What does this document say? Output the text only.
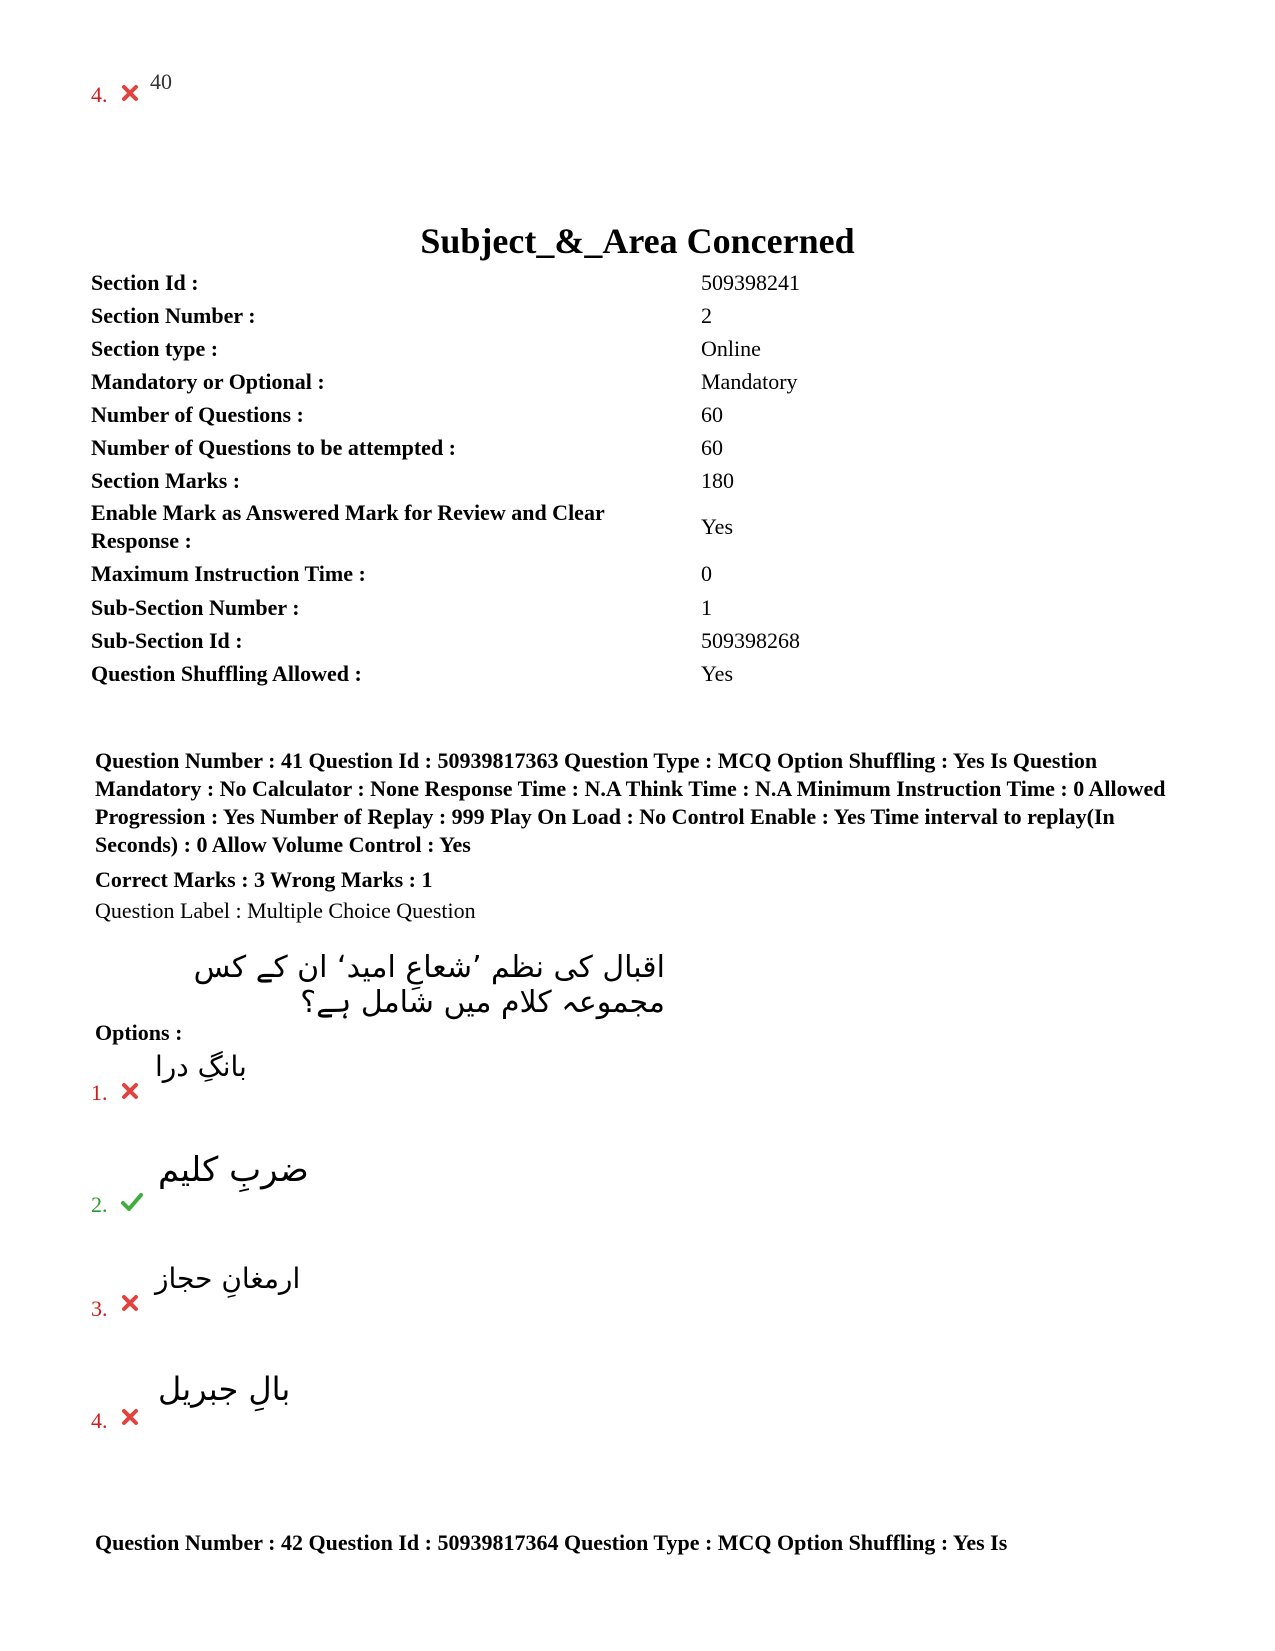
4.
40
Subject_&_Area Concerned
Section Id :	509398241
Section Number :	2
Section type :	Online
Mandatory or Optional :	Mandatory
Number of Questions :	60
Number of Questions to be attempted :	60
Section Marks :	180
Enable Mark as Answered Mark for Review and Clear Response :	Yes
Maximum Instruction Time :	0
Sub-Section Number :	1
Sub-Section Id :	509398268
Question Shuffling Allowed :	Yes
Question Number : 41 Question Id : 50939817363 Question Type : MCQ Option Shuffling : Yes Is Question Mandatory : No Calculator : None Response Time : N.A Think Time : N.A Minimum Instruction Time : 0 Allowed Progression : Yes Number of Replay : 999 Play On Load : No Control Enable : Yes Time interval to replay(In Seconds) : 0 Allow Volume Control : Yes
Correct Marks : 3 Wrong Marks : 1
Question Label : Multiple Choice Question
اقبال کی نظم ’شعاعِ امید‘ ان کے کس مجموعہ کلام میں شامل ہے؟
Options :
1.
بانگِ درا
2.
ضربِ کلیم
3.
ارمغانِ حجاز
4.
بالِ جبریل
Question Number : 42 Question Id : 50939817364 Question Type : MCQ Option Shuffling : Yes Is
